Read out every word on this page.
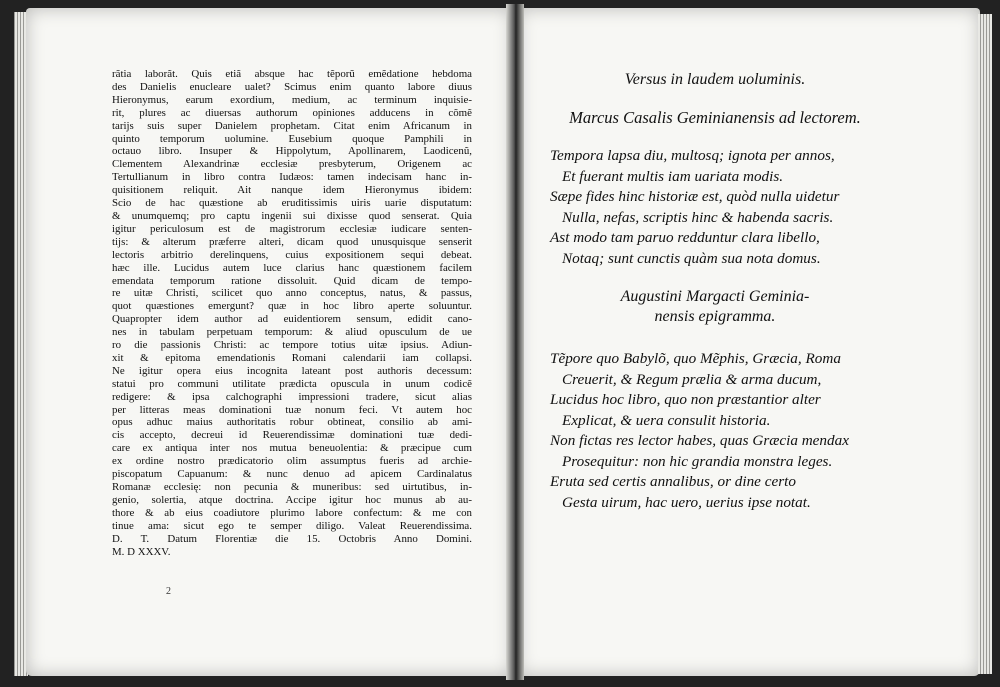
rãtia laborãt. Quis etiã absque hac tẽporũ emẽdatione hebdoma
des Danielis enucleare ualet? Scimus enim quanto labore diuus
Hieronymus, earum exordium, medium, ac terminum inquisie-
rit, plures ac diuersas authorum opiniones adducens in cõmẽ
tarijs suis super Danielem prophetam. Citat enim Africanum in
quinto temporum uolumine. Eusebium quoque Pamphili in
octauo libro. Insuper & Hippolytum, Apollinarem, Laodicenũ,
Clementem Alexandrinæ ecclesiæ presbyterum, Origenem ac
Tertullianum in libro contra Iudæos: tamen indecisam hanc in-
quisitionem reliquit. Ait nanque idem Hieronymus ibidem:
Scio de hac quæstione ab eruditissimis uiris uarie disputatum:
& unumquemq; pro captu ingenii sui dixisse quod senserat. Quia
igitur periculosum est de magistrorum ecclesiæ iudicare senten-
tijs: & alterum præferre alteri, dicam quod unusquisque senserit
lectoris arbitrio derelinquens, cuius expositionem sequi debeat.
hæc ille. Lucidus autem luce clarius hanc quæstionem facilem
emendata temporum ratione dissoluit. Quid dicam de tempo-
re uitæ Christi, scilicet quo anno conceptus, natus, & passus,
quot quæstiones emergunt? quæ in hoc libro aperte soluuntur.
Quapropter idem author ad euidentiorem sensum, edidit cano-
nes in tabulam perpetuam temporum: & aliud opusculum de ue
ro die passionis Christi: ac tempore totius uitæ ipsius. Adiun-
xit & epitoma emendationis Romani calendarii iam collapsi.
Ne igitur opera eius incognita lateant post authoris decessum:
statui pro communi utilitate prædicta opuscula in unum codicẽ
redigere: & ipsa calchographi impressioni tradere, sicut alias
per litteras meas dominationi tuæ nonum feci. Vt autem hoc
opus adhuc maius authoritatis robur obtineat, consilio ab ami-
cis accepto, decreui id Reuerendissimæ dominationi tuæ dedi-
care ex antiqua inter nos mutua beneuolentia: & præcipue cum
ex ordine nostro prædicatorio olim assumptus fueris ad archie-
piscopatum Capuanum: & nunc denuo ad apicem Cardinalatus
Romanæ ecclesię: non pecunia & muneribus: sed uirtutibus, in-
genio, solertia, atque doctrina. Accipe igitur hoc munus ab au-
thore & ab eius coadiutore plurimo labore confectum: & me con
tinue ama: sicut ego te semper diligo. Valeat Reuerendissima.
D. T. Datum Florentiæ die 15. Octobris Anno Domini.
M. D XXXV.
2
Versus in laudem uoluminis.
Marcus Casalis Geminianensis ad lectorem.
Tempora lapsa diu, multosq; ignota per annos,
Et fuerant multis iam uariata modis.
Sæpe fides hinc historiæ est, quòd nulla uidetur
Nulla, nefas, scriptis hinc & habenda sacris.
Ast modo tam paruo redduntur clara libello,
Notaq; sunt cunctis quàm sua nota domus.
Augustini Margacti Geminia-
nensis epigramma.
Tẽpore quo Babylõ, quo Mẽphis, Græcia, Roma
Creuerit, & Regum prælia & arma ducum,
Lucidus hoc libro, quo non præstantior alter
Explicat, & uera consulit historia.
Non fictas res lector habes, quas Græcia mendax
Prosequitur: non hic grandia monstra leges.
Eruta sed certis annalibus, or dine certo
Gesta uirum, hac uero, uerius ipse notat.
